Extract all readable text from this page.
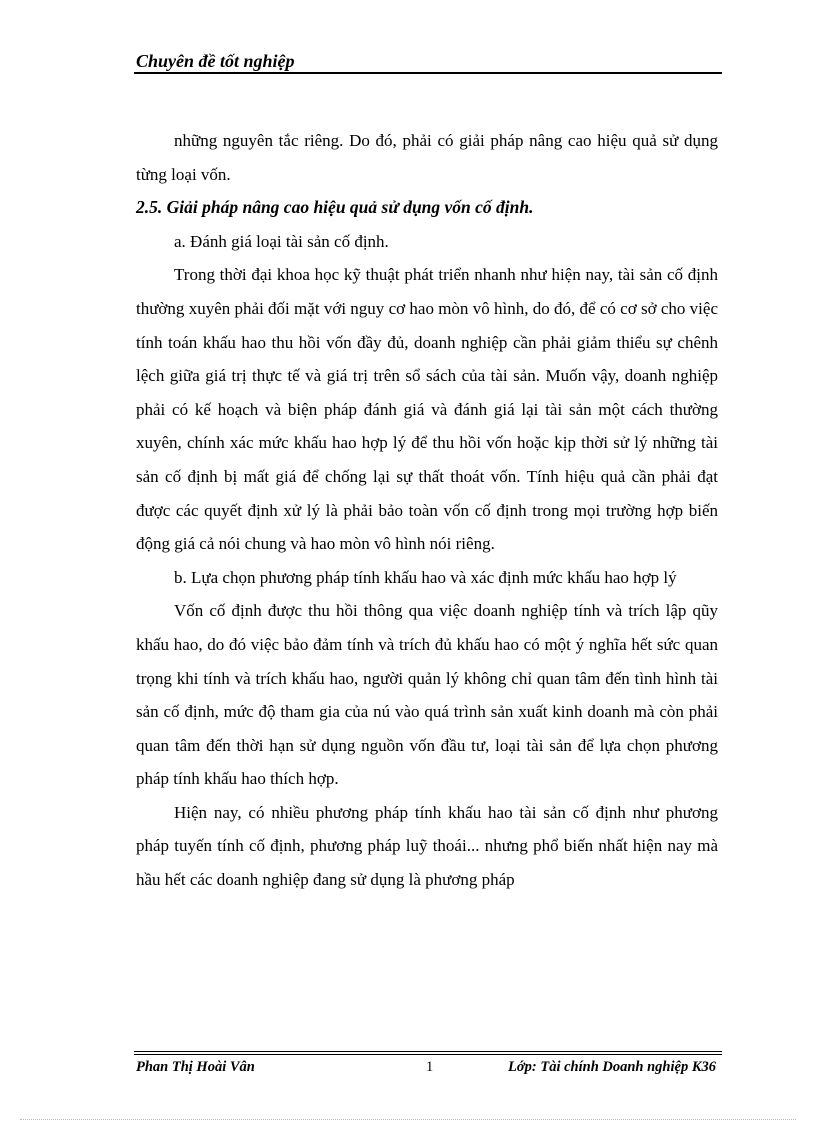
Chuyên đề tốt nghiệp

những nguyên tắc riêng. Do đó, phải có giải pháp nâng cao hiệu quả sử dụng từng loại vốn.

2.5. Giải pháp nâng cao hiệu quả sử dụng vốn cố định.

a. Đánh giá loại tài sản cố định.

Trong thời đại khoa học kỹ thuật phát triển nhanh như hiện nay, tài sản cố định thường xuyên phải đối mặt với nguy cơ hao mòn vô hình, do đó, để có cơ sở cho việc tính toán khấu hao thu hồi vốn đầy đủ, doanh nghiệp cần phải giảm thiểu sự chênh lệch giữa giá trị thực tế và giá trị trên sổ sách của tài sản. Muốn vậy, doanh nghiệp phải có kế hoạch và biện pháp đánh giá và đánh giá lại tài sản một cách thường xuyên, chính xác mức khấu hao hợp lý để thu hồi vốn hoặc kịp thời sử lý những tài sản cố định bị mất giá để chống lại sự thất thoát vốn. Tính hiệu quả cần phải đạt được các quyết định xử lý là phải bảo toàn vốn cố định trong mọi trường hợp biến động giá cả nói chung và hao mòn vô hình nói riêng.

b. Lựa chọn phương pháp tính khấu hao và xác định mức khấu hao hợp lý

Vốn cố định được thu hồi thông qua việc doanh nghiệp tính và trích lập qũy khấu hao, do đó việc bảo đảm tính và trích đủ khấu hao có một ý nghĩa hết sức quan trọng khi tính và trích khấu hao, người quản lý không chỉ quan tâm đến tình hình tài sản cố định, mức độ tham gia của nú vào quá trình sản xuất kinh doanh mà còn phải quan tâm đến thời hạn sử dụng nguồn vốn đầu tư, loại tài sản để lựa chọn phương pháp tính khấu hao thích hợp.

Hiện nay, có nhiều phương pháp tính khấu hao tài sản cố định như phương pháp tuyến tính cố định, phương pháp luỹ thoái... nhưng phổ biến nhất hiện nay mà hầu hết các doanh nghiệp đang sử dụng là phương pháp

Phan Thị Hoài Vân	1	Lớp: Tài chính Doanh nghiệp K36
